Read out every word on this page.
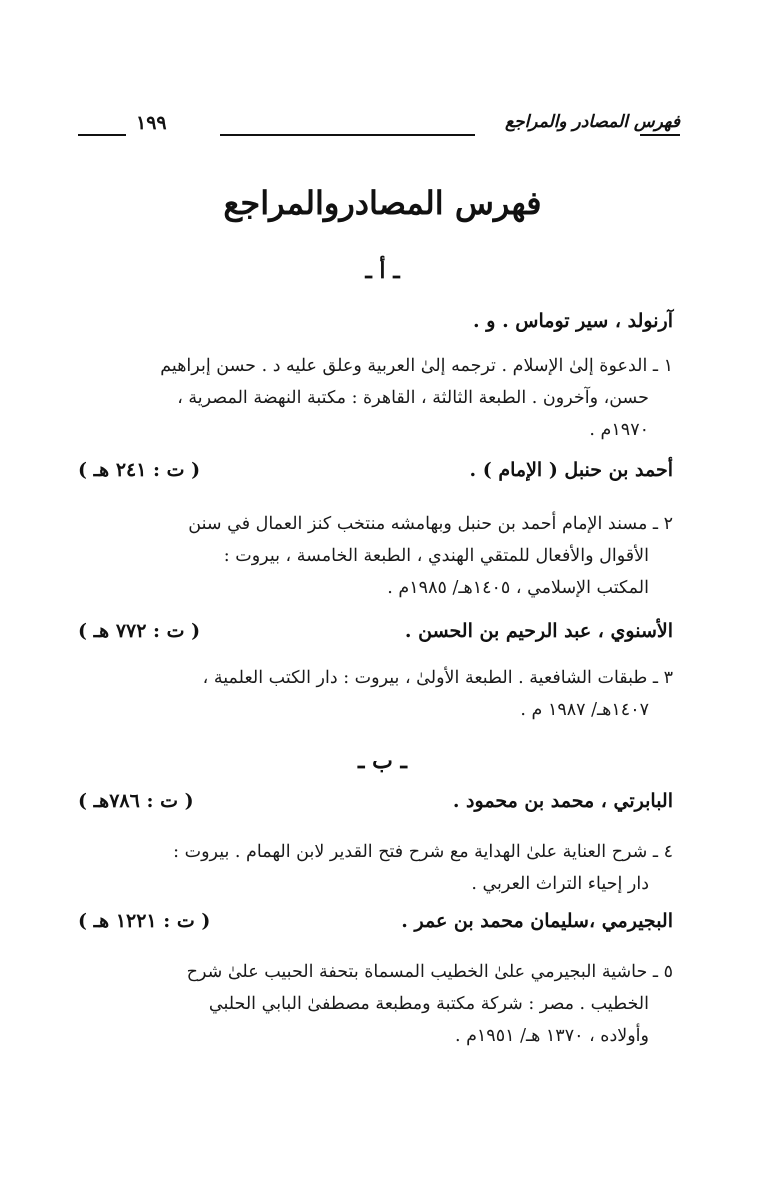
فهرس المصادر والمراجع
١٩٩
فهرس المصادروالمراجع
ـ أ ـ
آرنولد ، سير توماس . و .
١ ـ الدعوة إلىٰ الإسلام . ترجمه إلىٰ العربية وعلق عليه د . حسن إبراهيم
حسن، وآخرون . الطبعة الثالثة ، القاهرة : مكتبة النهضة المصرية ،
١٩٧٠م .
أحمد بن حنبل ( الإمام ) .
( ت : ٢٤١ هـ )
٢ ـ مسند الإمام أحمد بن حنبل وبهامشه منتخب كنز العمال في سنن
الأقوال والأفعال للمتقي الهندي ، الطبعة الخامسة ، بيروت :
المكتب الإسلامي ، ١٤٠٥هـ/ ١٩٨٥م .
الأسنوي ، عبد الرحيم بن الحسن .
( ت : ٧٧٢ هـ )
٣ ـ طبقات الشافعية . الطبعة الأولىٰ ، بيروت : دار الكتب العلمية ،
١٤٠٧هـ/ ١٩٨٧ م .
ـ ب ـ
البابرتي ، محمد بن محمود .
( ت : ٧٨٦هـ )
٤ ـ شرح العناية علىٰ الهداية مع شرح فتح القدير لابن الهمام . بيروت :
دار إحياء التراث العربي .
البجيرمي ،سليمان محمد بن عمر .
( ت : ١٢٢١ هـ )
٥ ـ حاشية البجيرمي علىٰ الخطيب المسماة بتحفة الحبيب علىٰ شرح
الخطيب . مصر : شركة مكتبة ومطبعة مصطفىٰ البابي الحلبي
وأولاده ، ١٣٧٠ هـ/ ١٩٥١م .
